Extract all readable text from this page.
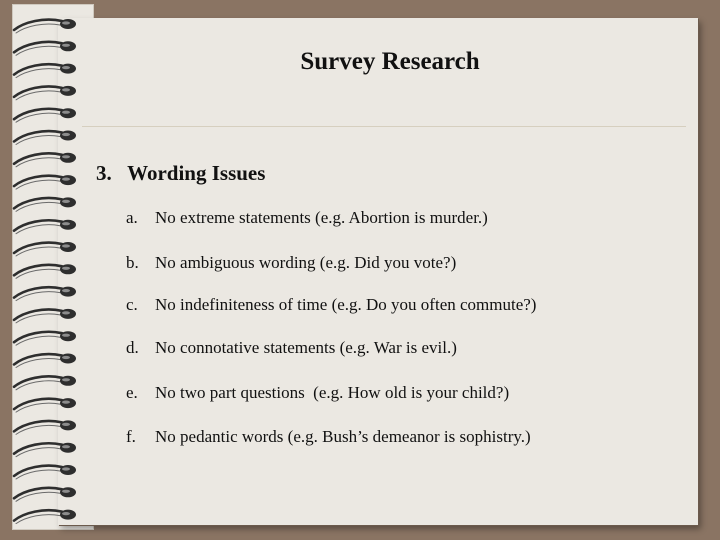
Survey Research
3.   Wording Issues
a. No extreme statements (e.g. Abortion is murder.)
b. No ambiguous wording (e.g. Did you vote?)
c. No indefiniteness of time (e.g. Do you often commute?)
d. No connotative statements (e.g. War is evil.)
e. No two part questions  (e.g. How old is your child?)
f. No pedantic words (e.g. Bush’s demeanor is sophistry.)
